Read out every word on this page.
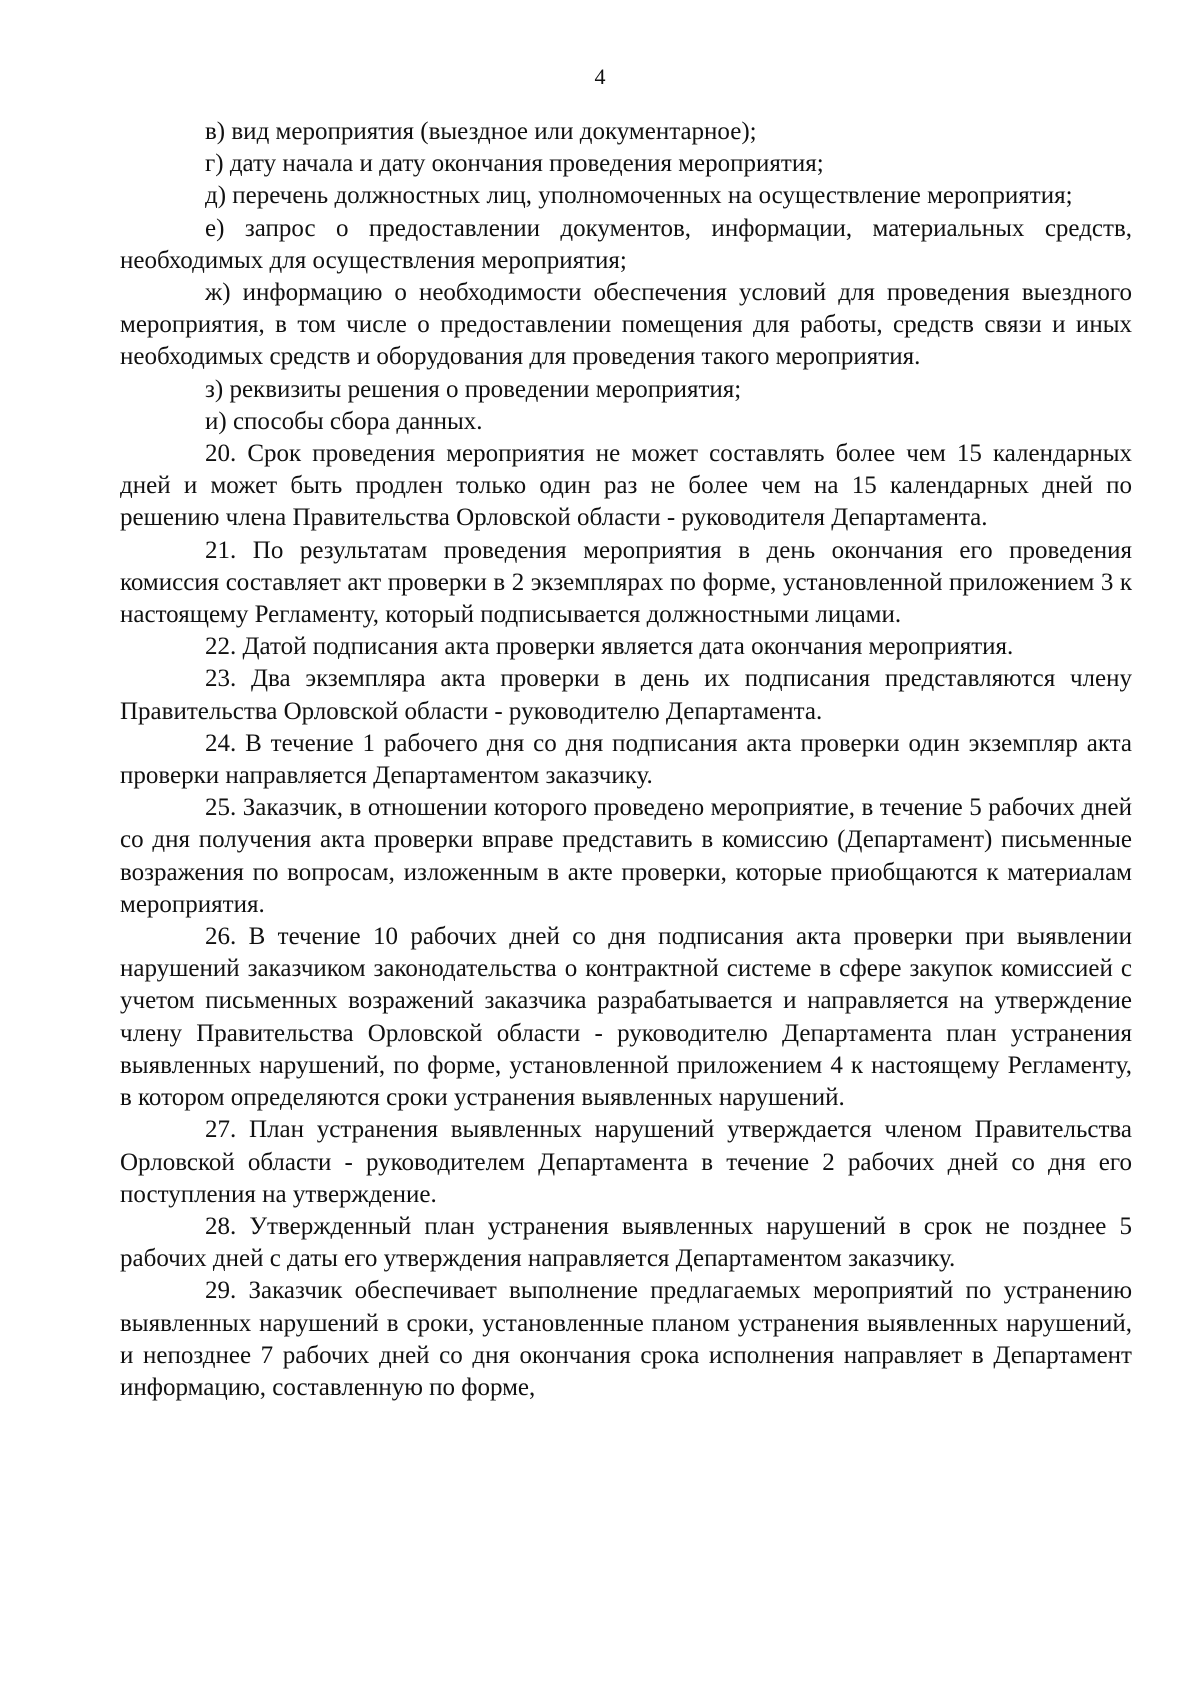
4

в) вид мероприятия (выездное или документарное);

г) дату начала и дату окончания проведения мероприятия;

д) перечень должностных лиц, уполномоченных на осуществление мероприятия;

е) запрос о предоставлении документов, информации, материальных средств, необходимых для осуществления мероприятия;

ж) информацию о необходимости обеспечения условий для проведения выездного мероприятия, в том числе о предоставлении помещения для работы, средств связи и иных необходимых средств и оборудования для проведения такого мероприятия.

з) реквизиты решения о проведении мероприятия;

и) способы сбора данных.

20. Срок проведения мероприятия не может составлять более чем 15 календарных дней и может быть продлен только один раз не более чем на 15 календарных дней по решению члена Правительства Орловской области - руководителя Департамента.

21. По результатам проведения мероприятия в день окончания его проведения комиссия составляет акт проверки в 2 экземплярах по форме, установленной приложением 3 к настоящему Регламенту, который подписывается должностными лицами.

22. Датой подписания акта проверки является дата окончания мероприятия.

23. Два экземпляра акта проверки в день их подписания представляются члену Правительства Орловской области - руководителю Департамента.

24. В течение 1 рабочего дня со дня подписания акта проверки один экземпляр акта проверки направляется Департаментом заказчику.

25. Заказчик, в отношении которого проведено мероприятие, в течение 5 рабочих дней со дня получения акта проверки вправе представить в комиссию (Департамент) письменные возражения по вопросам, изложенным в акте проверки, которые приобщаются к материалам мероприятия.

26. В течение 10 рабочих дней со дня подписания акта проверки при выявлении нарушений заказчиком законодательства о контрактной системе в сфере закупок комиссией с учетом письменных возражений заказчика разрабатывается и направляется на утверждение члену Правительства Орловской области - руководителю Департамента план устранения выявленных нарушений, по форме, установленной приложением 4 к настоящему Регламенту, в котором определяются сроки устранения выявленных нарушений.

27. План устранения выявленных нарушений утверждается членом Правительства Орловской области - руководителем Департамента в течение 2 рабочих дней со дня его поступления на утверждение.

28. Утвержденный план устранения выявленных нарушений в срок не позднее 5 рабочих дней с даты его утверждения направляется Департаментом заказчику.

29. Заказчик обеспечивает выполнение предлагаемых мероприятий по устранению выявленных нарушений в сроки, установленные планом устранения выявленных нарушений, и непозднее 7 рабочих дней со дня окончания срока исполнения направляет в Департамент информацию, составленную по форме,
